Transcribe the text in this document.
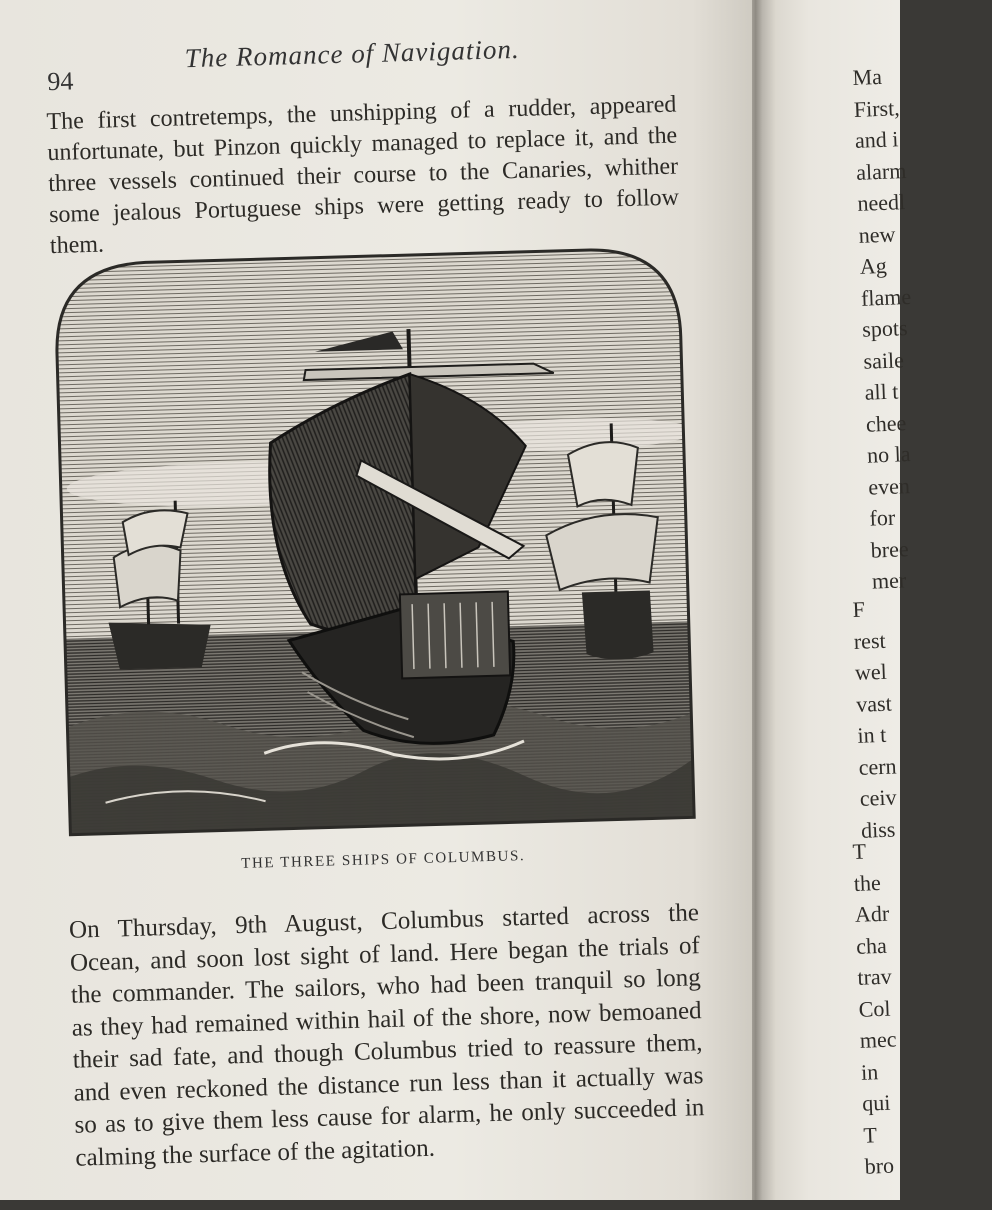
Ma
First,
and i
alarm
needl
new
Ag
flame
spots
saile
all t
chee
no la
even
for
bree
mer
F
rest
wel
vast
in t
cern
ceiv
diss
T
the
Adr
cha
trav
Col
mec
in
qui
T
bro
The Romance of Navigation.
94
The first contretemps, the unshipping of a rudder, appeared
unfortunate, but Pinzon quickly managed to replace it, and the
three vessels continued their course to the Canaries, whither
some jealous Portuguese ships were getting ready to follow
them.
THE THREE SHIPS OF COLUMBUS.
On Thursday, 9th August, Columbus started across the
Ocean, and soon lost sight of land. Here began the trials of
the commander. The sailors, who had been tranquil so long
as they had remained within hail of the shore, now bemoaned
their sad fate, and though Columbus tried to reassure them,
and even reckoned the distance run less than it actually was
so as to give them less cause for alarm, he only succeeded in
calming the surface of the agitation.
